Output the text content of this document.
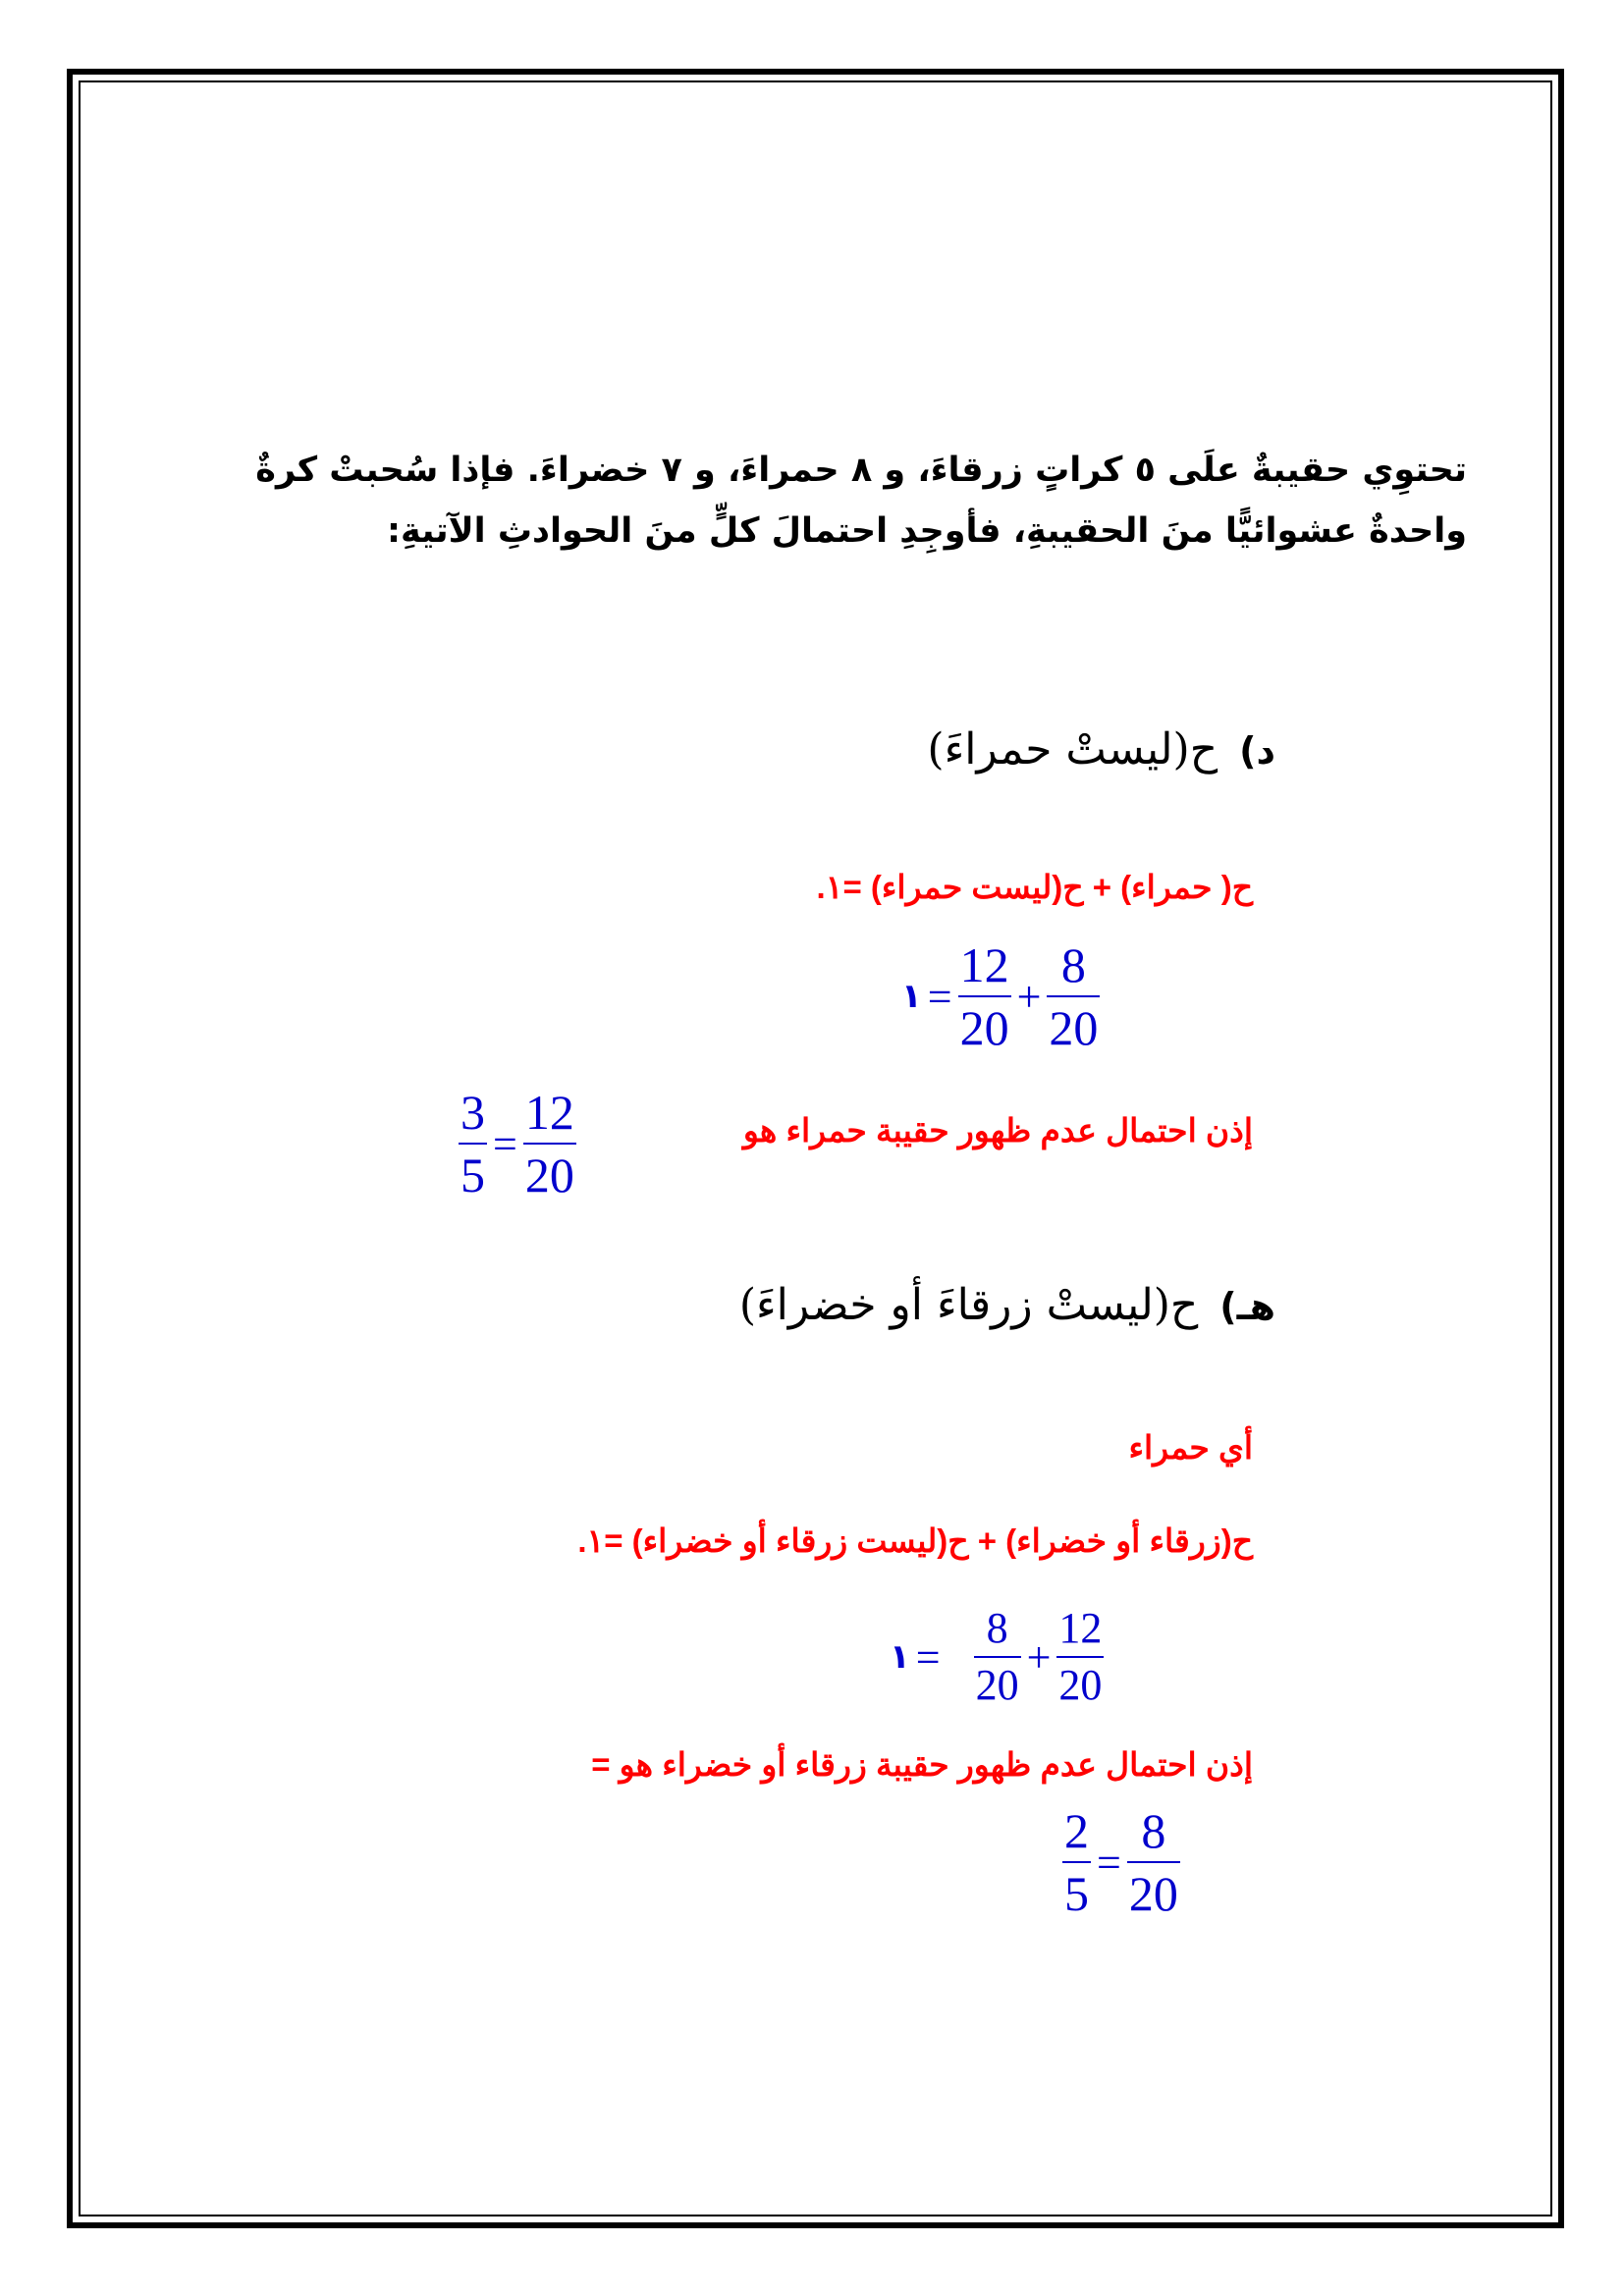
تحتوِي حقيبةٌ علَى ٥ كراتٍ زرقاءَ، و ٨ حمراءَ، و ٧ خضراءَ. فإذا سُحبتْ كرةٌ واحدةٌ عشوائيًّا منَ الحقيبةِ، فأوجِدِ احتمالَ كلٍّ منَ الحوادثِ الآتيةِ:
د)ح(ليستْ حمراءَ)
ح( حمراء) + ح(ليست حمراء) =١.
$\frac{12}{20} + \frac{8}{20}$
=
١
إذن احتمال عدم ظهور حقيبة حمراء هو
$\frac{3}{5} = \frac{12}{20}$
هـ)ح(ليستْ زرقاءَ أو خضراءَ)
أي حمراء
ح(زرقاء أو خضراء) + ح(ليست زرقاء أو خضراء) =١.
١ = $\frac{8}{20} + \frac{12}{20}$
إذن احتمال عدم ظهور حقيبة زرقاء أو خضراء هو =
$\frac{2}{5} = \frac{8}{20}$
